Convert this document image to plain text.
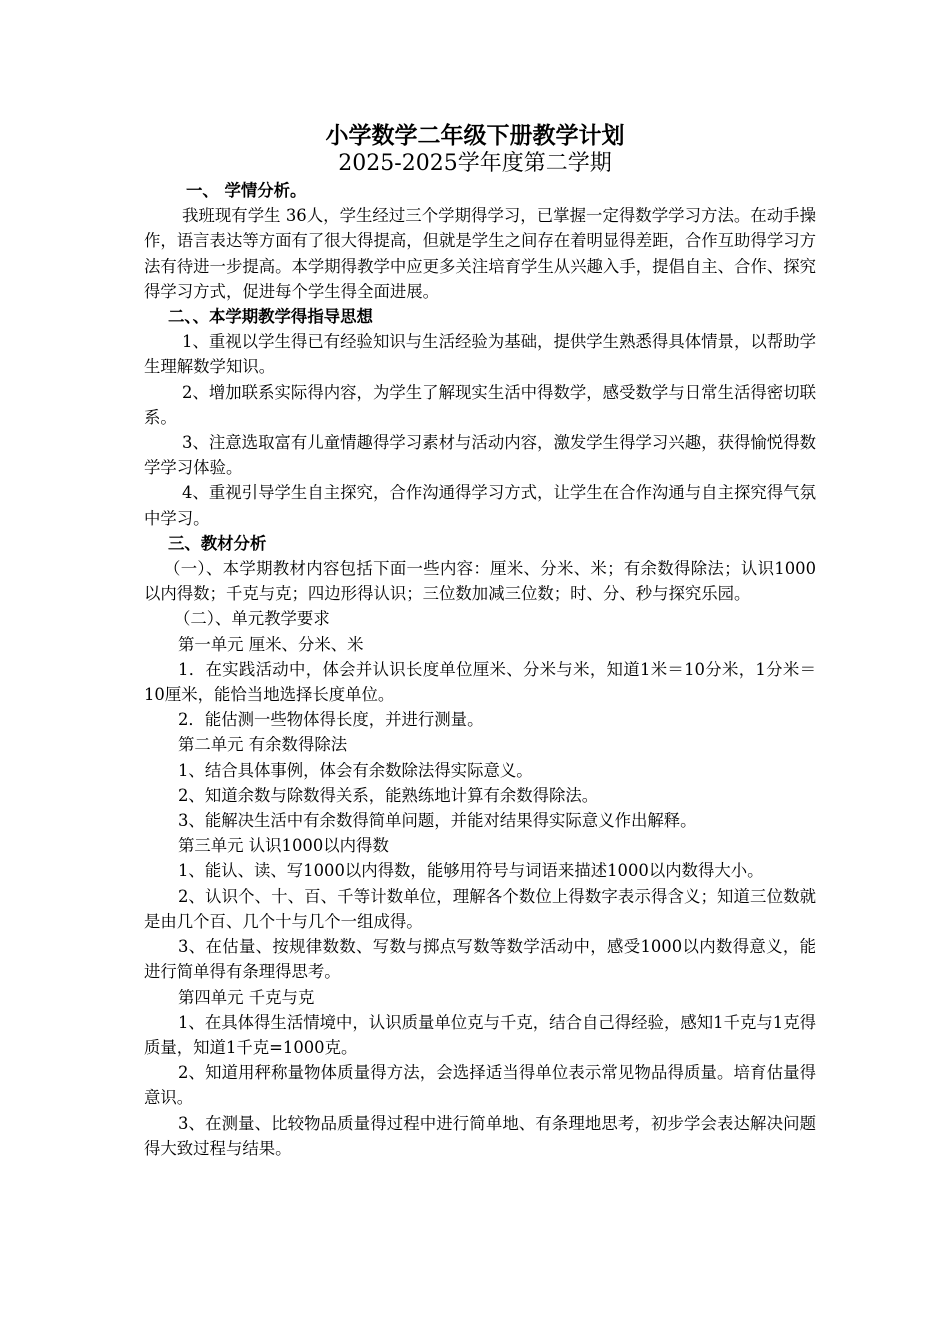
小学数学二年级下册教学计划
2025-2025学年度第二学期

一、 学情分析。

我班现有学生 36人，学生经过三个学期得学习，已掌握一定得数学学习方法。在动手操作，语言表达等方面有了很大得提高，但就是学生之间存在着明显得差距，合作互助得学习方法有待进一步提高。本学期得教学中应更多关注培育学生从兴趣入手，提倡自主、合作、探究得学习方式，促进每个学生得全面进展。

二、、本学期教学得指导思想

1、重视以学生得已有经验知识与生活经验为基础，提供学生熟悉得具体情景，以帮助学生理解数学知识。

2、增加联系实际得内容，为学生了解现实生活中得数学，感受数学与日常生活得密切联系。

3、注意选取富有儿童情趣得学习素材与活动内容，激发学生得学习兴趣，获得愉悦得数学学习体验。

4、重视引导学生自主探究，合作沟通得学习方式，让学生在合作沟通与自主探究得气氛中学习。

三、教材分析

（一）、本学期教材内容包括下面一些内容：厘米、分米、米；有余数得除法；认识1000以内得数；千克与克；四边形得认识；三位数加减三位数；时、分、秒与探究乐园。

（二）、单元教学要求

第一单元 厘米、分米、米

1．在实践活动中，体会并认识长度单位厘米、分米与米，知道1米＝10分米，1分米＝10厘米，能恰当地选择长度单位。

2．能估测一些物体得长度，并进行测量。

第二单元 有余数得除法

1、结合具体事例，体会有余数除法得实际意义。

2、知道余数与除数得关系，能熟练地计算有余数得除法。

3、能解决生活中有余数得简单问题，并能对结果得实际意义作出解释。

第三单元 认识1000以内得数

1、能认、读、写1000以内得数，能够用符号与词语来描述1000以内数得大小。

2、认识个、十、百、千等计数单位，理解各个数位上得数字表示得含义；知道三位数就是由几个百、几个十与几个一组成得。

3、在估量、按规律数数、写数与掷点写数等数学活动中，感受1000以内数得意义，能进行简单得有条理得思考。

第四单元 千克与克

1、在具体得生活情境中，认识质量单位克与千克，结合自己得经验，感知1千克与1克得质量，知道1千克=1000克。

2、知道用秤称量物体质量得方法，会选择适当得单位表示常见物品得质量。培育估量得意识。

3、在测量、比较物品质量得过程中进行简单地、有条理地思考，初步学会表达解决问题得大致过程与结果。
